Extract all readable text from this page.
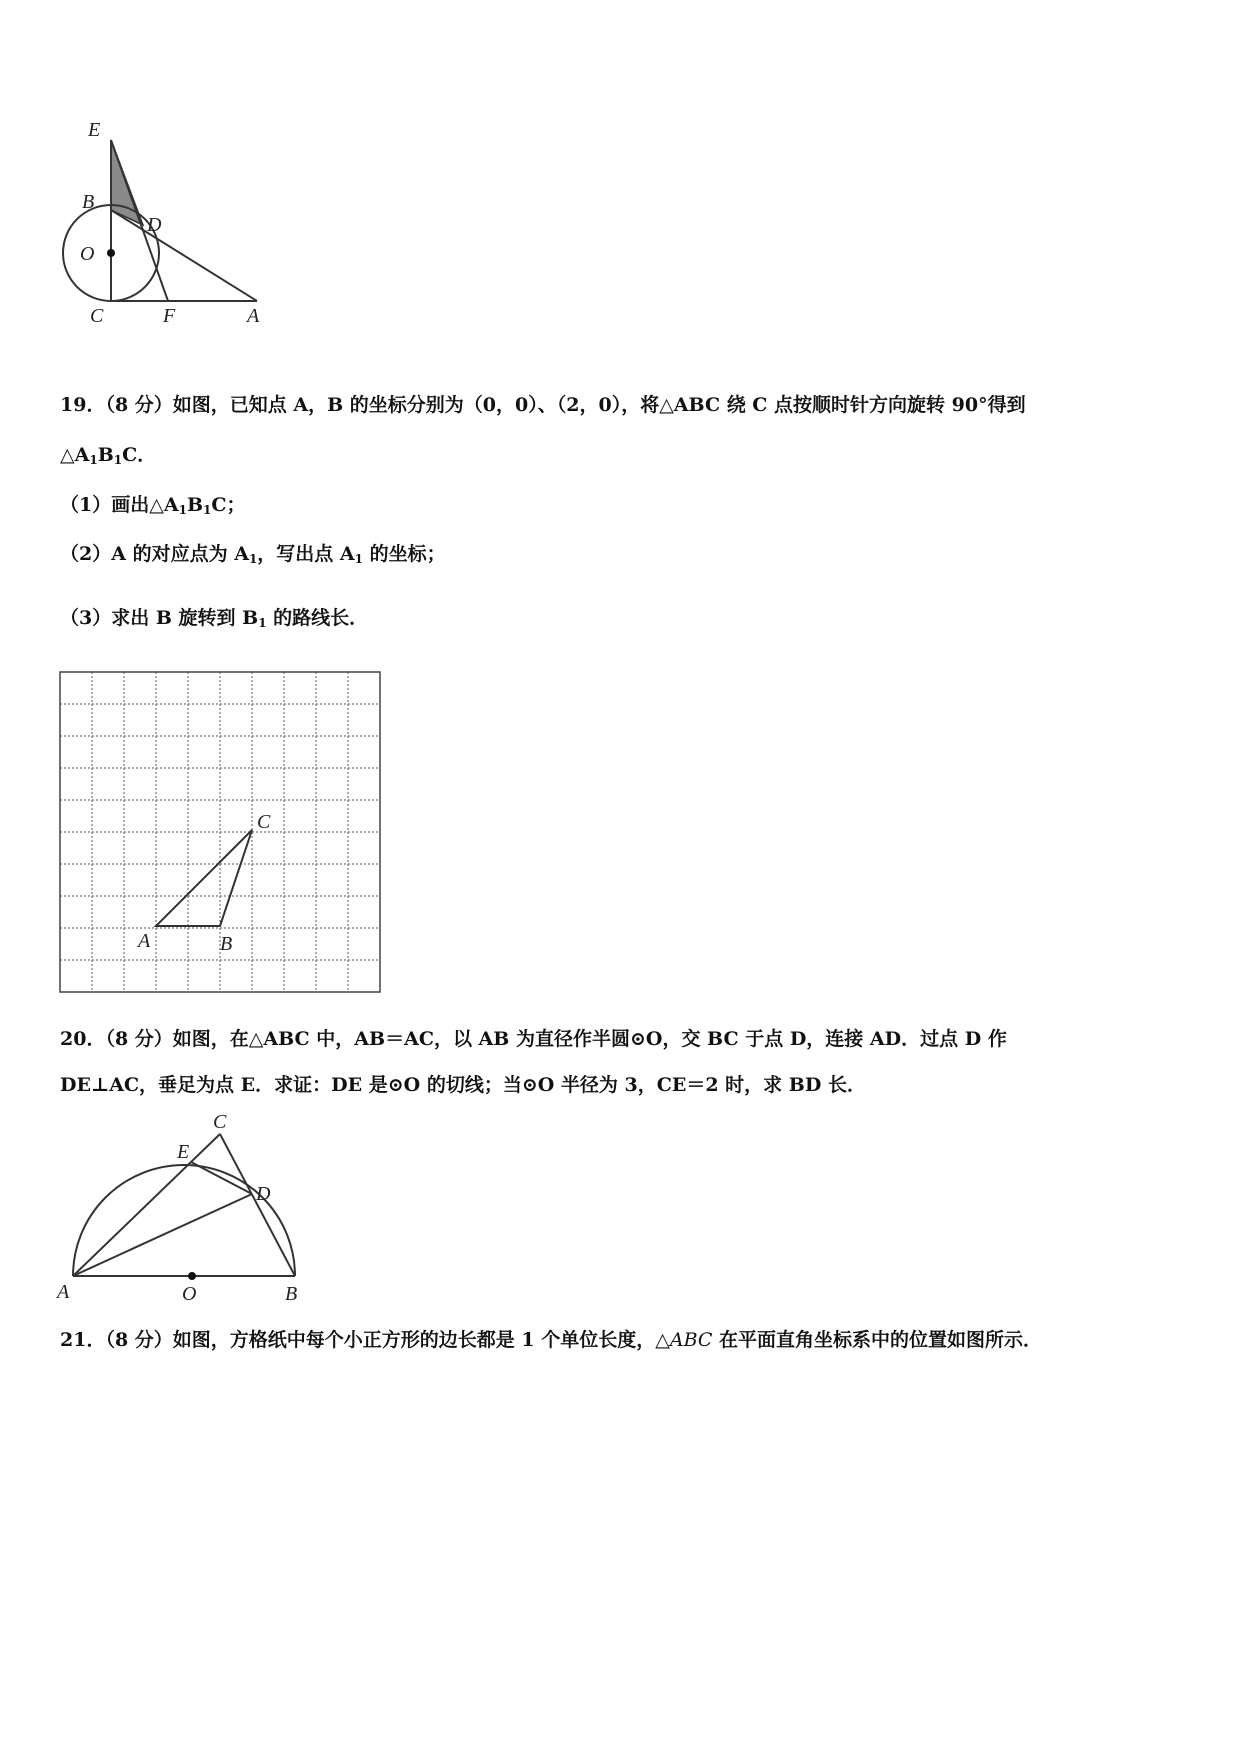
E
B
D
O
C	F	A
19．（8 分）如图，已知点 A，B 的坐标分别为（0，0）、（2，0），将△ABC 绕 C 点按顺时针方向旋转 90°得到
$\triangle A_1B_1C$．
（1）画出$\triangle A_1B_1C$；
（2）A 的对应点为 $A_1$，写出点 $A_1$ 的坐标；
（3）求出 B 旋转到 $B_1$ 的路线长．
C
A	B
20．（8 分）如图，在△ABC 中，AB＝AC，以 AB 为直径作半圆⊙O，交 BC 于点 D，连接 AD．过点 D 作
DE⊥AC，垂足为点 E．求证：DE 是⊙O 的切线；当⊙O 半径为 3，CE＝2 时，求 BD 长．
C
E
D
A	O	B
21．（8 分）如图，方格纸中每个小正方形的边长都是 1 个单位长度，△ABC 在平面直角坐标系中的位置如图所示．
